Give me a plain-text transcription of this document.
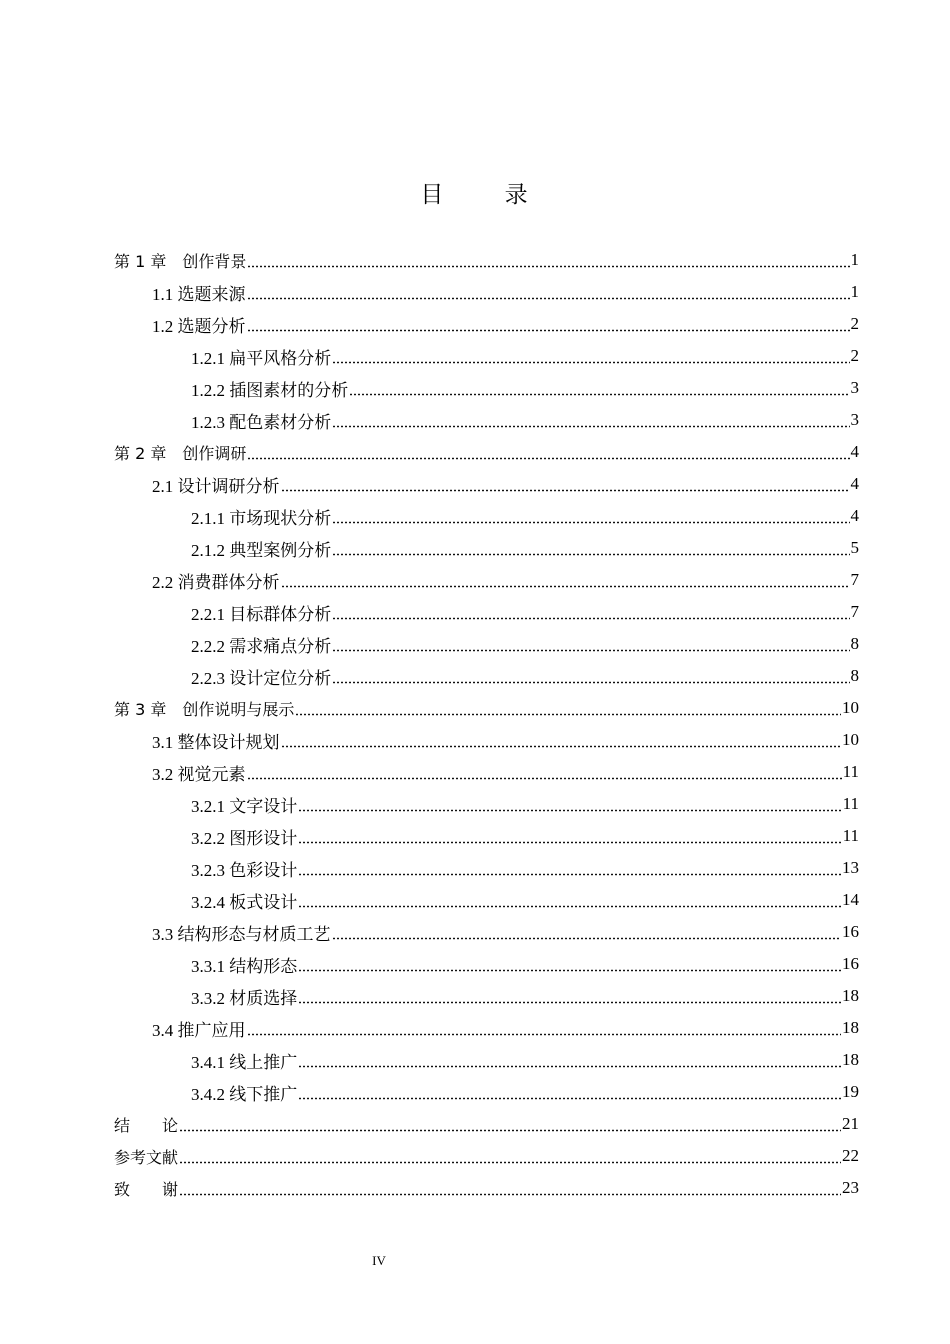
目 录
第 1 章　创作背景	1
1.1 选题来源	1
1.2 选题分析	2
1.2.1 扁平风格分析	2
1.2.2 插图素材的分析	3
1.2.3 配色素材分析	3
第 2 章　创作调研	4
2.1 设计调研分析	4
2.1.1 市场现状分析	4
2.1.2 典型案例分析	5
2.2 消费群体分析	7
2.2.1 目标群体分析	7
2.2.2 需求痛点分析	8
2.2.3 设计定位分析	8
第 3 章　创作说明与展示	10
3.1 整体设计规划	10
3.2 视觉元素	11
3.2.1 文字设计	11
3.2.2 图形设计	11
3.2.3 色彩设计	13
3.2.4 板式设计	14
3.3 结构形态与材质工艺	16
3.3.1 结构形态	16
3.3.2 材质选择	18
3.4 推广应用	18
3.4.1 线上推广	18
3.4.2 线下推广	19
结　　论	21
参考文献	22
致　　谢	23
IV
